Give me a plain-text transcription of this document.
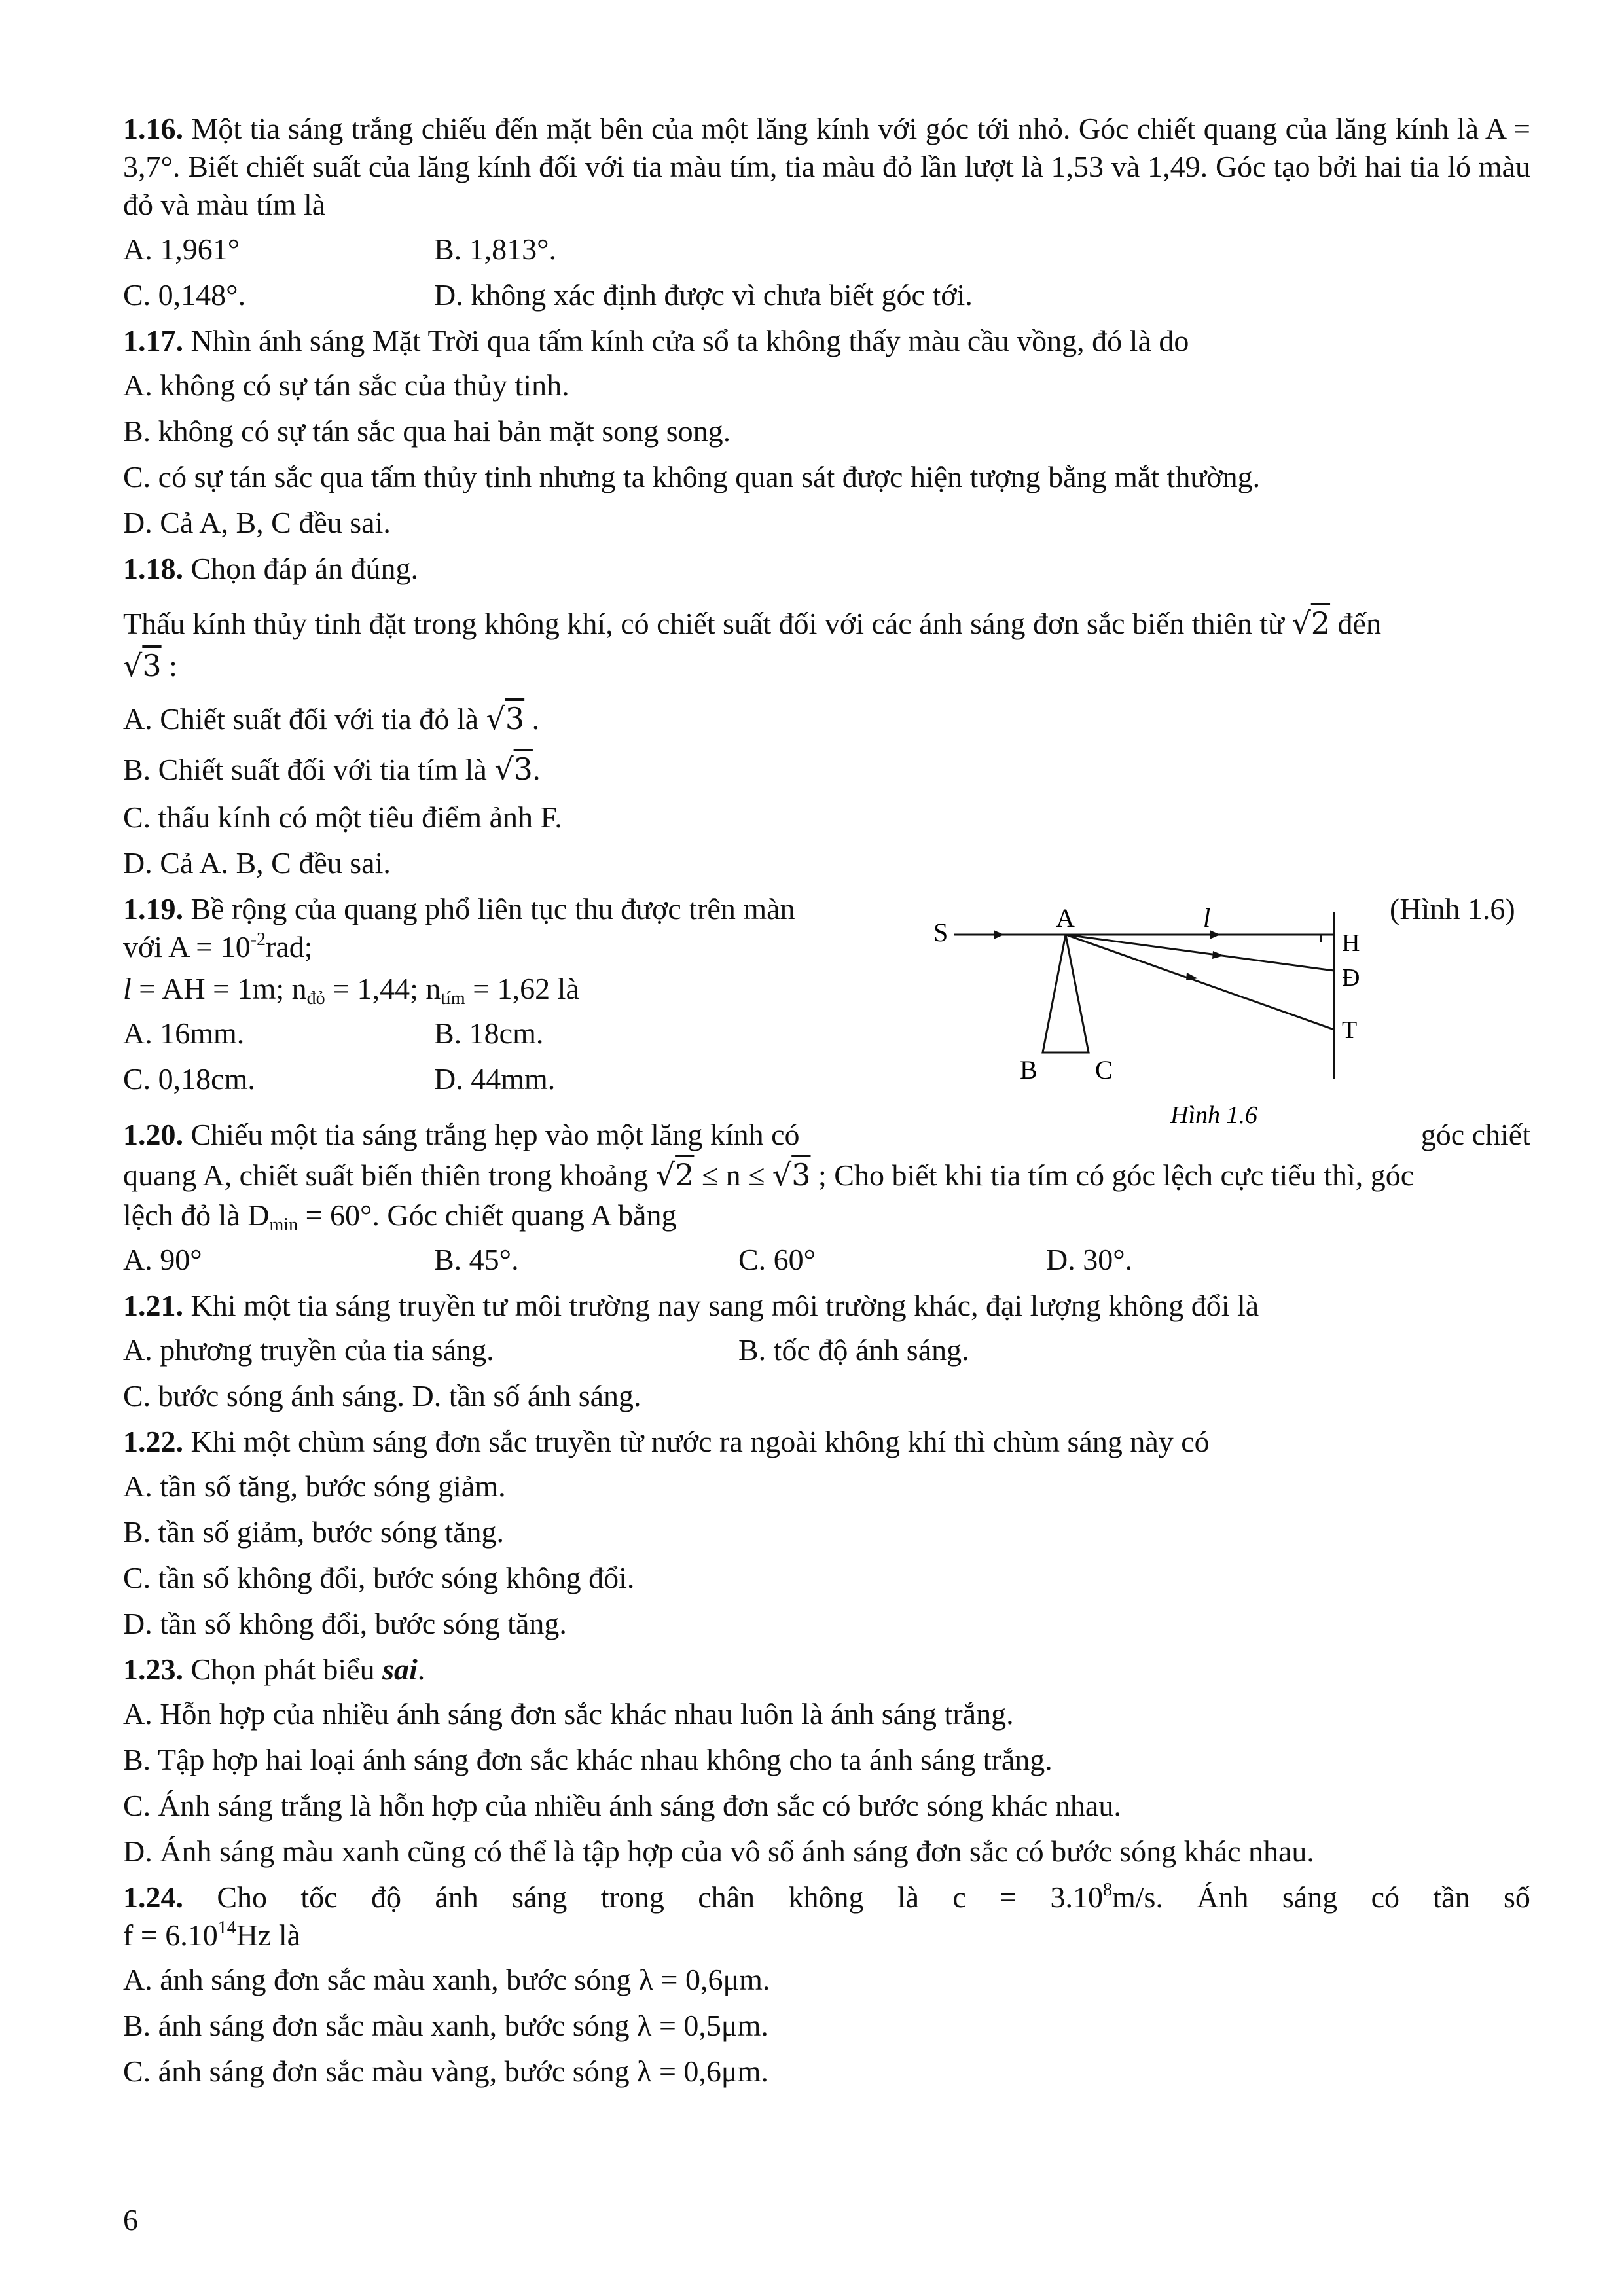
1.16. Một tia sáng trắng chiếu đến mặt bên của một lăng kính với góc tới nhỏ. Góc chiết quang của lăng kính là A = 3,7°. Biết chiết suất của lăng kính đối với tia màu tím, tia màu đỏ lần lượt là 1,53 và 1,49. Góc tạo bởi hai tia ló màu đỏ và màu tím là

A. 1,961°	B. 1,813°.
C. 0,148°.	D. không xác định được vì chưa biết góc tới.

1.17. Nhìn ánh sáng Mặt Trời qua tấm kính cửa sổ ta không thấy màu cầu vồng, đó là do

A. không có sự tán sắc của thủy tinh.
B. không có sự tán sắc qua hai bản mặt song song.
C. có sự tán sắc qua tấm thủy tinh nhưng ta không quan sát được hiện tượng bằng mắt thường.
D. Cả A, B, C đều sai.

1.18. Chọn đáp án đúng.

Thấu kính thủy tinh đặt trong không khí, có chiết suất đối với các ánh sáng đơn sắc biến thiên từ √2 đến
√3 :

A. Chiết suất đối với tia đỏ là √3 .
B. Chiết suất đối với tia tím là √3.
C. thấu kính có một tiêu điểm ảnh F.
D. Cả A. B, C đều sai.
1.19. Bề rộng của quang phổ liên tục thu được trên màn
với $A = 10^{-2}rad$;
l = AH = 1m; $n_{đỏ} = 1,44$; $n_{tím} = 1,62$ là
A. 16mm.	B. 18cm.
C. 0,18cm.	D. 44mm.
(Hình 1.6)
S	A	l
H
Đ
T
B C
Hình 1.6
1.20. Chiếu một tia sáng trắng hẹp vào một lăng kính có	góc chiết
quang A, chiết suất biến thiên trong khoảng √2 ≤ n ≤ √3 ; Cho biết khi tia tím có góc lệch cực tiểu thì, góc
lệch đỏ là $D_{min} = 60^\circ$. Góc chiết quang A bằng
A. 90°	B. 45°.	C. 60°	D. 30°.

1.21. Khi một tia sáng truyền tư môi trường nay sang môi trường khác, đại lượng không đổi là

A. phương truyền của tia sáng.	B. tốc độ ánh sáng.
C. bước sóng ánh sáng.
D. tần số ánh sáng.

1.22. Khi một chùm sáng đơn sắc truyền từ nước ra ngoài không khí thì chùm sáng này có

A. tần số tăng, bước sóng giảm.
B. tần số giảm, bước sóng tăng.
C. tần số không đổi, bước sóng không đổi.
D. tần số không đổi, bước sóng tăng.

1.23. Chọn phát biểu sai.

A. Hỗn hợp của nhiều ánh sáng đơn sắc khác nhau luôn là ánh sáng trắng.
B. Tập hợp hai loại ánh sáng đơn sắc khác nhau không cho ta ánh sáng trắng.
C. Ánh sáng trắng là hỗn hợp của nhiều ánh sáng đơn sắc có bước sóng khác nhau.
D. Ánh sáng màu xanh cũng có thể là tập hợp của vô số ánh sáng đơn sắc có bước sóng khác nhau.
1.24. Cho tốc độ ánh sáng trong chân không là $c = 3.10^8m/s$. Ánh sáng có tần số
$f = 6.10^{14}Hz$ là
A. ánh sáng đơn sắc màu xanh, bước sóng λ = 0,6μm.
B. ánh sáng đơn sắc màu xanh, bước sóng λ = 0,5μm.
C. ánh sáng đơn sắc màu vàng, bước sóng λ = 0,6μm.
6
